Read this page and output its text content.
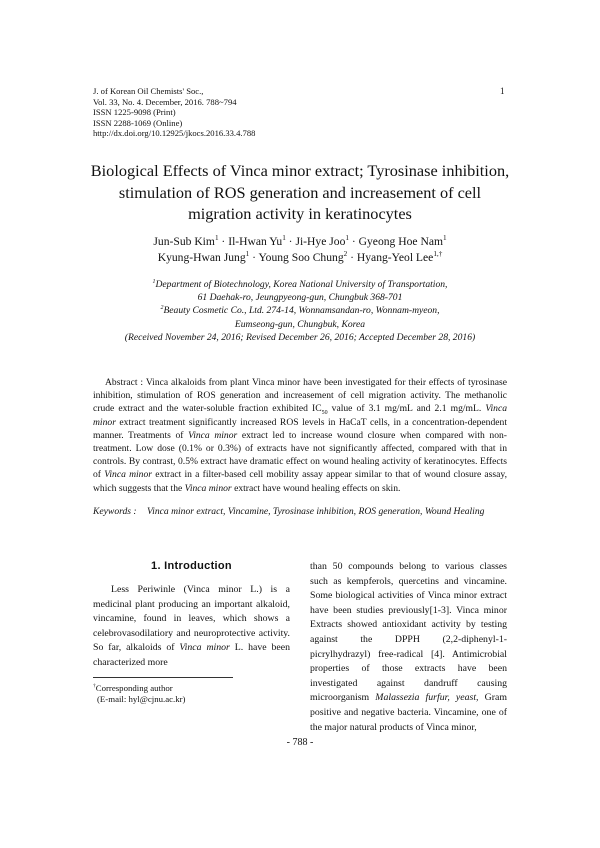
J. of Korean Oil Chemists' Soc.,
Vol. 33, No. 4. December, 2016. 788~794
ISSN 1225-9098 (Print)
ISSN 2288-1069 (Online)
http://dx.doi.org/10.12925/jkocs.2016.33.4.788
1
Biological Effects of Vinca minor extract; Tyrosinase inhibition,
stimulation of ROS generation and increasement of cell
migration activity in keratinocytes
Jun-Sub Kim$^1$ · Il-Hwan $Yu^1 \cdot Ji-Hye$ Joo$^1$ · Gyeong Hoe Nam$^1$
Kyung-Hwan Jung$^1$ · Young Soo Chung$^2$ · Hyang-Yeol Lee$^{1,\dagger}$
$^1$Department of Biotechnology, Korea National University of Transportation,
61 Daehak-ro, Jeungpyeong-gun, Chungbuk 368-701
$^2$Beauty Cosmetic Co., Ltd. 274-14, Wonnamsandan-ro, Wonnam-myeon,
Eumseong-gun, Chungbuk, Korea
(Received November 24, 2016; Revised December 26, 2016; Accepted December 28, 2016)
Abstract : Vinca alkaloids from plant Vinca minor have been investigated for their effects of tyrosinase inhibition, stimulation of ROS generation and increasement of cell migration activity. The methanolic crude extract and the water-soluble fraction exhibited $IC_{50}$ value of 3.1 mg/mL and 2.1 mg/mL. Vinca minor extract treatment significantly increased ROS levels in HaCaT cells, in a concentration-dependent manner. Treatments of Vinca minor extract led to increase wound closure when compared with non-treatment. Low dose (0.1% or 0.3%) of extracts have not significantly affected, compared with that in controls. By contrast, 0.5% extract have dramatic effect on wound healing activity of keratinocytes. Effects of Vinca minor extract in a filter-based cell mobility assay appear similar to that of wound closure assay, which suggests that the Vinca minor extract have wound healing effects on skin.
Keywords : Vinca minor extract, Vincamine, Tyrosinase inhibition, ROS generation, Wound Healing
1. Introduction

Less Periwinle (Vinca minor L.) is a medicinal plant producing an important alkaloid, vincamine, found in leaves, which shows a celebrovasodilatiory and neuroprotective activity. So far, alkaloids of Vinca minor L. have been characterized more

than 50 compounds belong to various classes such as kempferols, quercetins and vincamine. Some biological activities of Vinca minor extract have been studies previously[1-3]. Vinca minor Extracts showed antioxidant activity by testing against the DPPH (2,2-diphenyl-1- picrylhydrazyl) free-radical [4]. Antimicrobial properties of those extracts have been investigated against dandruff causing microorganism Malassezia furfur, yeast, Gram positive and negative bacteria. Vincamine, one of the major natural products of Vinca minor,

†Corresponding author
(E-mail: hyl@cjnu.ac.kr)
- 788 -
